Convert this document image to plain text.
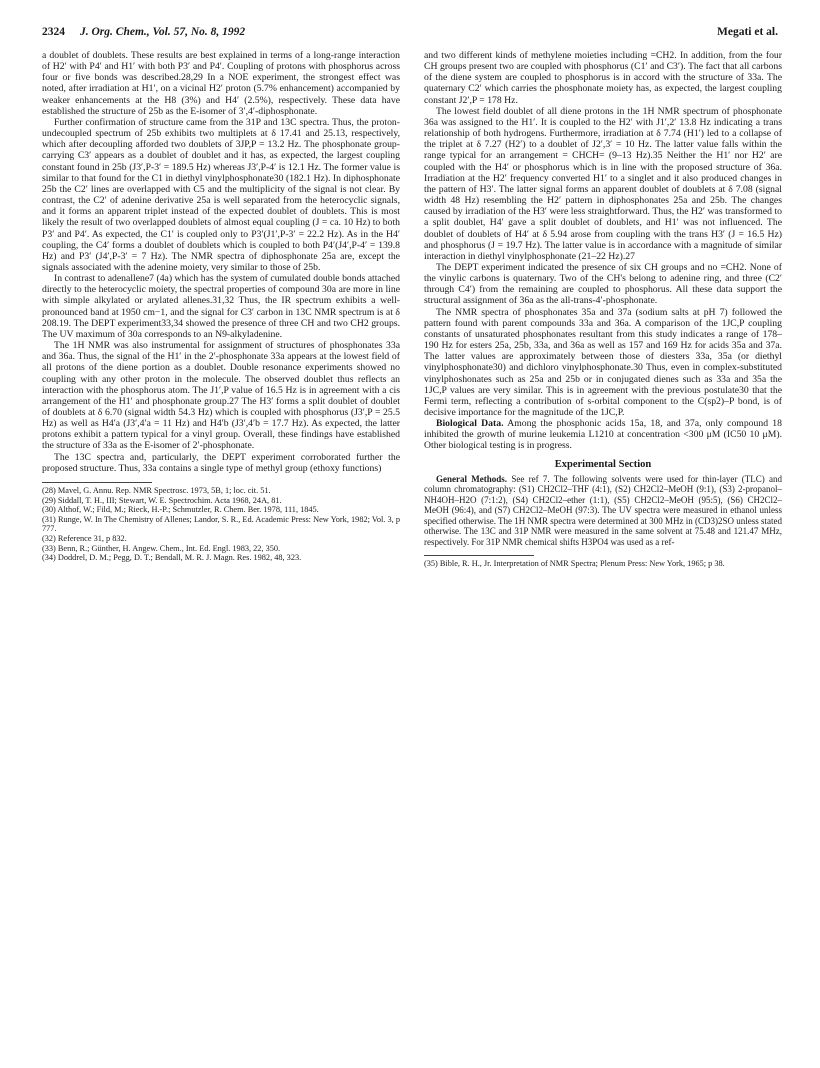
2324 J. Org. Chem., Vol. 57, No. 8, 1992	Megati et al.

a doublet of doublets. These results are best explained in terms of a long-range interaction of H2′ with P4′ and H1′ with both P3′ and P4′. Coupling of protons with phosphorus across four or five bonds was described.28,29 In a NOE experiment, the strongest effect was noted, after irradiation at H1′, on a vicinal H2′ proton (5.7% enhancement) accompanied by weaker enhancements at the H8 (3%) and H4′ (2.5%), respectively. These data have established the structure of 25b as the E-isomer of 3′,4′-diphosphonate.

Further confirmation of structure came from the 31P and 13C spectra. Thus, the proton-undecoupled spectrum of 25b exhibits two multiplets at δ 17.41 and 25.13, respectively, which after decoupling afforded two doublets of 3JP,P = 13.2 Hz. The phosphonate group-carrying C3′ appears as a doublet of doublet and it has, as expected, the largest coupling constant found in 25b (J3′,P-3′ = 189.5 Hz) whereas J3′,P-4′ is 12.1 Hz. The former value is similar to that found for the C1 in diethyl vinylphosphonate30 (182.1 Hz). In diphosphonate 25b the C2′ lines are overlapped with C5 and the multiplicity of the signal is not clear. By contrast, the C2′ of adenine derivative 25a is well separated from the heterocyclic signals, and it forms an apparent triplet instead of the expected doublet of doublets. This is most likely the result of two overlapped doublets of almost equal coupling (J = ca. 10 Hz) to both P3′ and P4′. As expected, the C1′ is coupled only to P3′(J1′,P-3′ = 22.2 Hz). As in the H4′ coupling, the C4′ forms a doublet of doublets which is coupled to both P4′(J4′,P-4′ = 139.8 Hz) and P3′ (J4′,P-3′ = 7 Hz). The NMR spectra of diphosphonate 25a are, except the signals associated with the adenine moiety, very similar to those of 25b.

In contrast to adenallene7 (4a) which has the system of cumulated double bonds attached directly to the heterocyclic moiety, the spectral properties of compound 30a are more in line with simple alkylated or arylated allenes.31,32 Thus, the IR spectrum exhibits a well-pronounced band at 1950 cm−1, and the signal for C3′ carbon in 13C NMR spectrum is at δ 208.19. The DEPT experiment33,34 showed the presence of three CH and two CH2 groups. The UV maximum of 30a corresponds to an N9-alkyladenine.

The 1H NMR was also instrumental for assignment of structures of phosphonates 33a and 36a. Thus, the signal of the H1′ in the 2′-phosphonate 33a appears at the lowest field of all protons of the diene portion as a doublet. Double resonance experiments showed no coupling with any other proton in the molecule. The observed doublet thus reflects an interaction with the phosphorus atom. The J1′,P value of 16.5 Hz is in agreement with a cis arrangement of the H1′ and phosphonate group.27 The H3′ forms a split doublet of doublet of doublets at δ 6.70 (signal width 54.3 Hz) which is coupled with phosphorus (J3′,P = 25.5 Hz) as well as H4′a (J3′,4′a = 11 Hz) and H4′b (J3′,4′b = 17.7 Hz). As expected, the latter protons exhibit a pattern typical for a vinyl group. Overall, these findings have established the structure of 33a as the E-isomer of 2′-phosphonate.

The 13C spectra and, particularly, the DEPT experiment corroborated further the proposed structure. Thus, 33a contains a single type of methyl group (ethoxy functions)

(28) Mavel, G. Annu. Rep. NMR Spectrosc. 1973, 5B, 1; loc. cit. 51.

(29) Siddall, T. H., III; Stewart, W. E. Spectrochim. Acta 1968, 24A, 81.

(30) Althof, W.; Fild, M.; Rieck, H.-P.; Schmutzler, R. Chem. Ber. 1978, 111, 1845.

(31) Runge, W. In The Chemistry of Allenes; Landor, S. R., Ed. Academic Press: New York, 1982; Vol. 3, p 777.

(32) Reference 31, p 832.

(33) Benn, R.; Günther, H. Angew. Chem., Int. Ed. Engl. 1983, 22, 350.

(34) Doddrel, D. M.; Pegg, D. T.; Bendall, M. R. J. Magn. Res. 1982, 48, 323.

and two different kinds of methylene moieties including =CH2. In addition, from the four CH groups present two are coupled with phosphorus (C1′ and C3′). The fact that all carbons of the diene system are coupled to phosphorus is in accord with the structure of 33a. The quaternary C2′ which carries the phosphonate moiety has, as expected, the largest coupling constant J2′,P = 178 Hz.

The lowest field doublet of all diene protons in the 1H NMR spectrum of phosphonate 36a was assigned to the H1′. It is coupled to the H2′ with J1′,2′ 13.8 Hz indicating a trans relationship of both hydrogens. Furthermore, irradiation at δ 7.74 (H1′) led to a collapse of the triplet at δ 7.27 (H2′) to a doublet of J2′,3′ = 10 Hz. The latter value falls within the range typical for an arrangement = CHCH= (9–13 Hz).35 Neither the H1′ nor H2′ are coupled with the H4′ or phosphorus which is in line with the proposed structure of 36a. Irradiation at the H2′ frequency converted H1′ to a singlet and it also produced changes in the pattern of H3′. The latter signal forms an apparent doublet of doublets at δ 7.08 (signal width 48 Hz) resembling the H2′ pattern in diphosphonates 25a and 25b. The changes caused by irradiation of the H3′ were less straightforward. Thus, the H2′ was transformed to a split doublet, H4′ gave a split doublet of doublets, and H1′ was not influenced. The doublet of doublets of H4′ at δ 5.94 arose from coupling with the trans H3′ (J = 16.5 Hz) and phosphorus (J = 19.7 Hz). The latter value is in accordance with a magnitude of similar interaction in diethyl vinylphosphonate (21–22 Hz).27

The DEPT experiment indicated the presence of six CH groups and no =CH2. None of the vinylic carbons is quaternary. Two of the CH's belong to adenine ring, and three (C2′ through C4′) from the remaining are coupled to phosphorus. All these data support the structural assignment of 36a as the all-trans-4′-phosphonate.

The NMR spectra of phosphonates 35a and 37a (sodium salts at pH 7) followed the pattern found with parent compounds 33a and 36a. A comparison of the 1JC,P coupling constants of unsaturated phosphonates resultant from this study indicates a range of 178–190 Hz for esters 25a, 25b, 33a, and 36a as well as 157 and 169 Hz for acids 35a and 37a. The latter values are approximately between those of diesters 33a, 35a (or diethyl vinylphosphonate30) and dichloro vinylphosphonate.30 Thus, even in complex-substituted vinylphoshonates such as 25a and 25b or in conjugated dienes such as 33a and 35a the 1JC,P values are very similar. This is in agreement with the previous postulate30 that the Fermi term, reflecting a contribution of s-orbital component to the C(sp2)–P bond, is of decisive importance for the magnitude of the 1JC,P.

Biological Data. Among the phosphonic acids 15a, 18, and 37a, only compound 18 inhibited the growth of murine leukemia L1210 at concentration <300 μM (IC50 10 μM). Other biological testing is in progress.

Experimental Section

General Methods. See ref 7. The following solvents were used for thin-layer (TLC) and column chromatography: (S1) CH2Cl2–THF (4:1), (S2) CH2Cl2–MeOH (9:1), (S3) 2-propanol–NH4OH–H2O (7:1:2), (S4) CH2Cl2–ether (1:1), (S5) CH2Cl2–MeOH (95:5), (S6) CH2Cl2–MeOH (96:4), and (S7) CH2Cl2–MeOH (97:3). The UV spectra were measured in ethanol unless specified otherwise. The 1H NMR spectra were determined at 300 MHz in (CD3)2SO unless stated otherwise. The 13C and 31P NMR were measured in the same solvent at 75.48 and 121.47 MHz, respectively. For 31P NMR chemical shifts H3PO4 was used as a ref-

(35) Bible, R. H., Jr. Interpretation of NMR Spectra; Plenum Press: New York, 1965; p 38.
